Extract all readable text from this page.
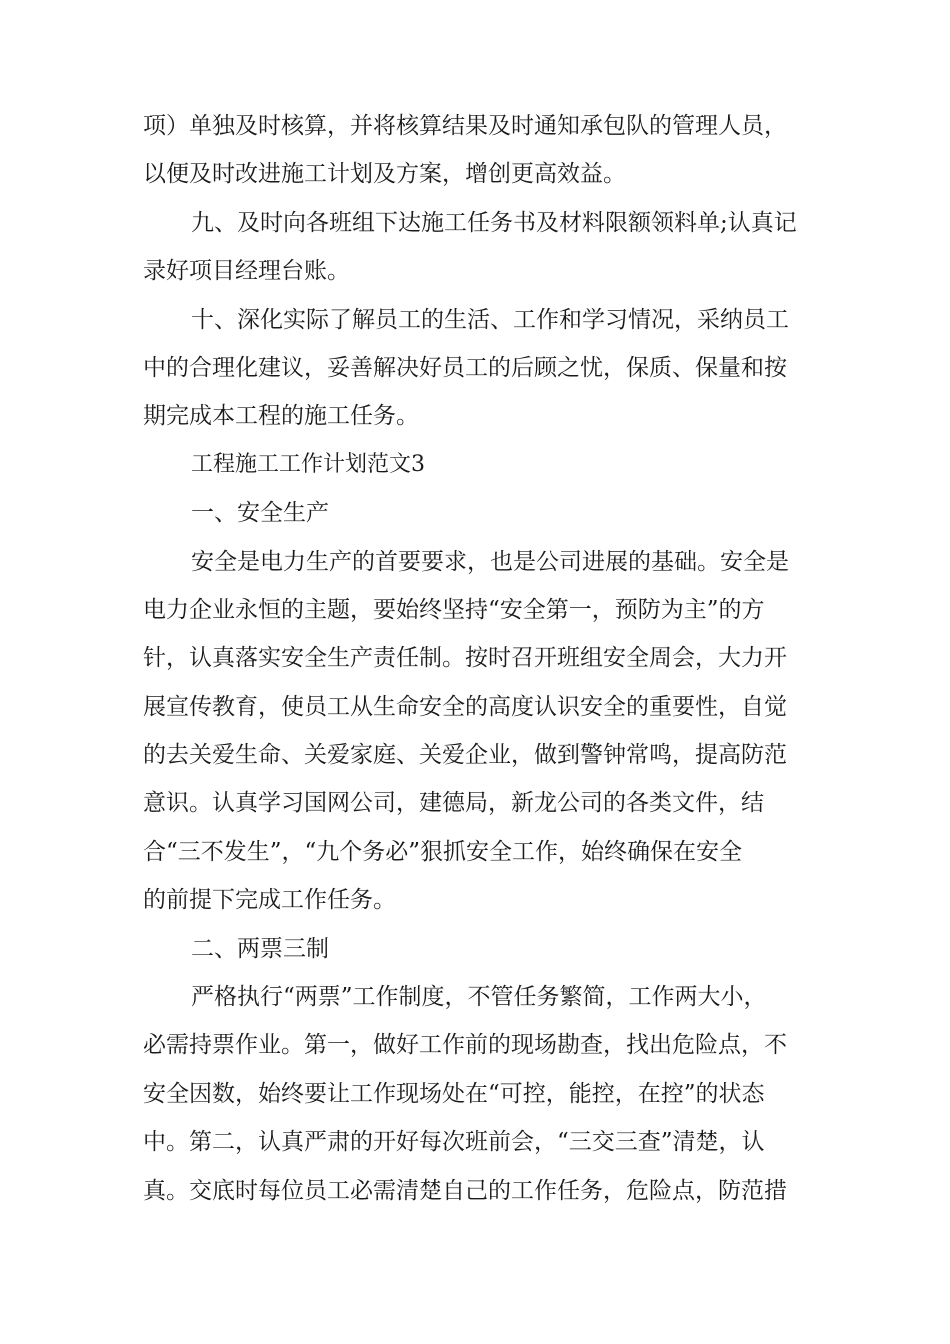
项）单独及时核算，并将核算结果及时通知承包队的管理人员，
以便及时改进施工计划及方案，增创更高效益。
九、及时向各班组下达施工任务书及材料限额领料单;认真记
录好项目经理台账。
十、深化实际了解员工的生活、工作和学习情况，采纳员工
中的合理化建议，妥善解决好员工的后顾之忧，保质、保量和按
期完成本工程的施工任务。
工程施工工作计划范文3
一、安全生产
安全是电力生产的首要要求，也是公司进展的基础。安全是
电力企业永恒的主题，要始终坚持“安全第一，预防为主”的方
针，认真落实安全生产责任制。按时召开班组安全周会，大力开
展宣传教育，使员工从生命安全的高度认识安全的重要性，自觉
的去关爱生命、关爱家庭、关爱企业，做到警钟常鸣，提高防范
意识。认真学习国网公司，建德局，新龙公司的各类文件，结
合“三不发生”，“九个务必”狠抓安全工作，始终确保在安全
的前提下完成工作任务。
二、两票三制
严格执行“两票”工作制度，不管任务繁简，工作两大小，
必需持票作业。第一，做好工作前的现场勘查，找出危险点，不
安全因数，始终要让工作现场处在“可控，能控，在控”的状态
中。第二，认真严肃的开好每次班前会，“三交三查”清楚，认
真。交底时每位员工必需清楚自己的工作任务，危险点，防范措
